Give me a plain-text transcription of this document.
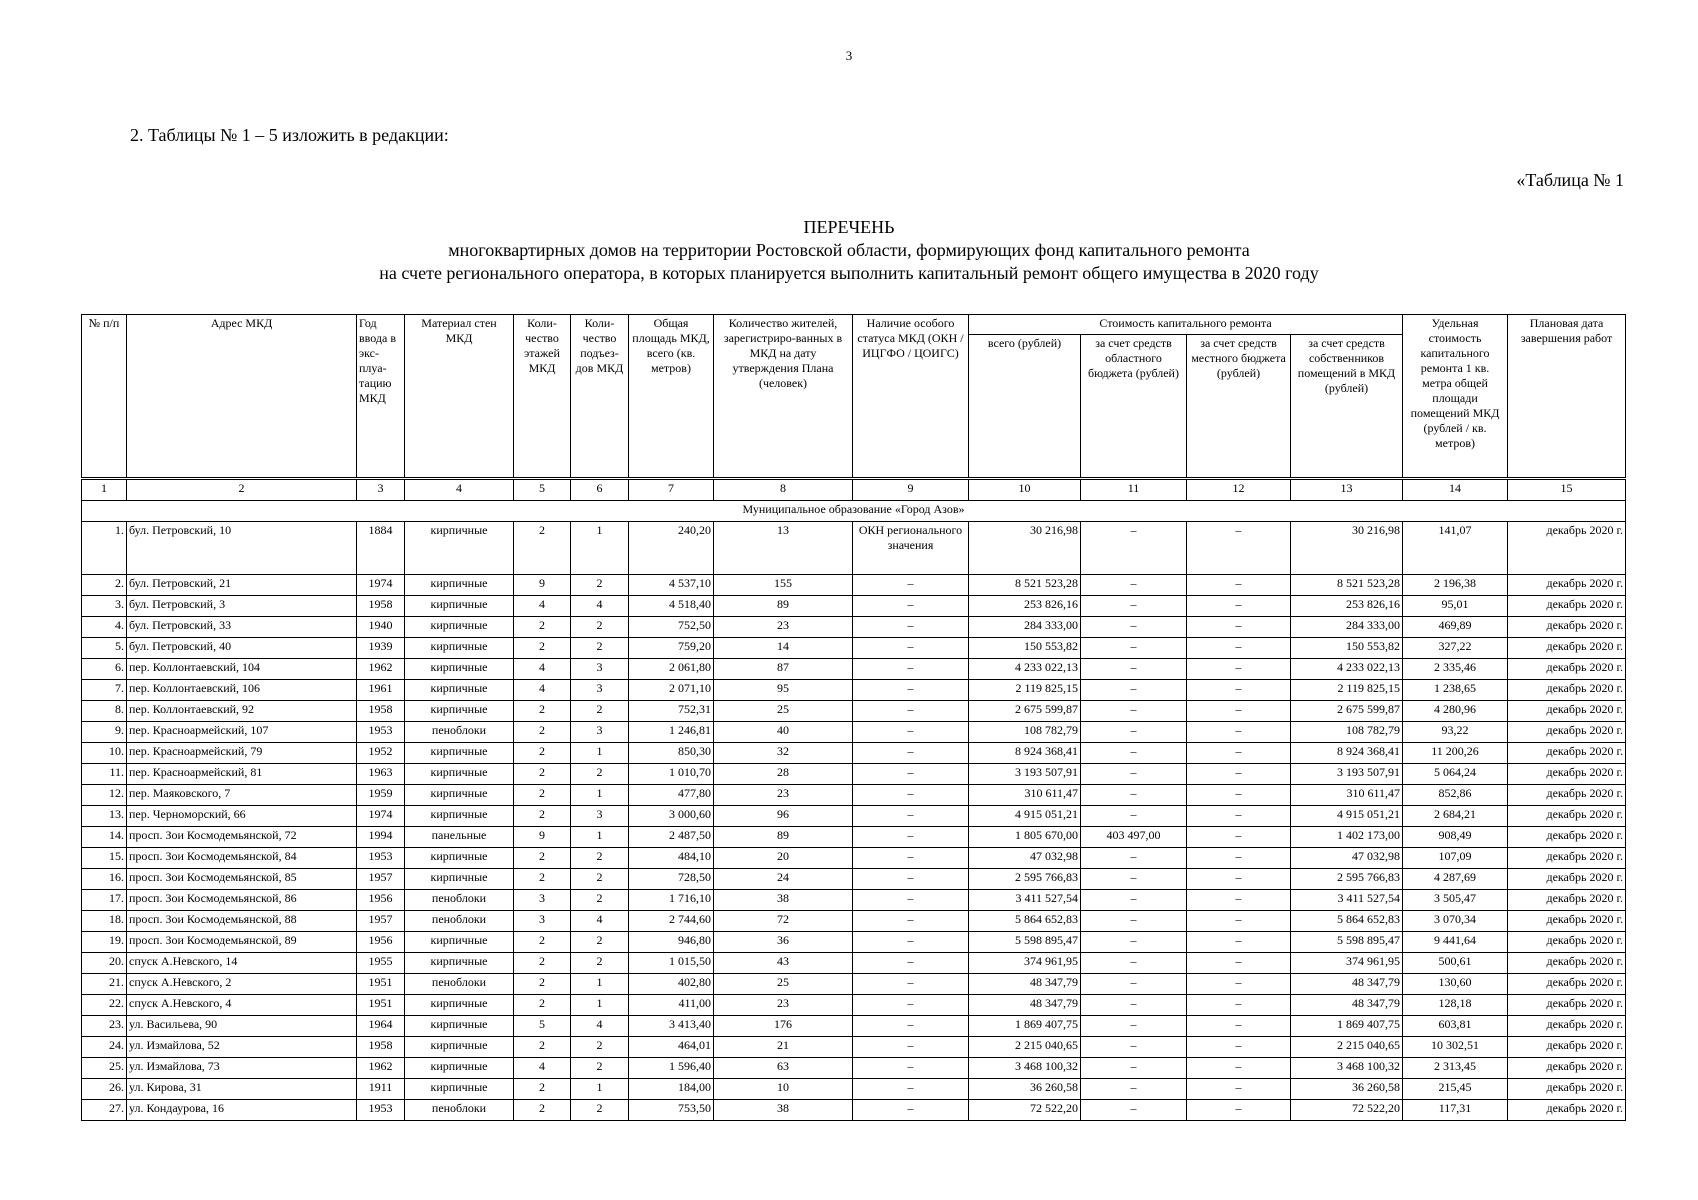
3
2. Таблицы № 1 – 5 изложить в редакции:
«Таблица № 1
ПЕРЕЧЕНЬ
многоквартирных домов на территории Ростовской области, формирующих фонд капитального ремонта
на счете регионального оператора, в которых планируется выполнить капитальный ремонт общего имущества в 2020 году
№ п/п	Адрес МКД	Год ввода в экс-плуа-тацию МКД	Материал стен МКД	Коли-чество этажей МКД	Коли-чество подъез-дов МКД	Общая площадь МКД, всего (кв. метров)	Количество жителей, зарегистриро-ванных в МКД на дату утверждения Плана (человек)	Наличие особого статуса МКД (ОКН / ИЦГФО / ЦОИГС)	Стоимость капитального ремонта				Удельная стоимость капитального ремонта 1 кв. метра общей площади помещений МКД (рублей / кв. метров)	Плановая дата завершения работ
									всего (рублей)	за счет средств областного бюджета (рублей)	за счет средств местного бюджета (рублей)	за счет средств собственников помещений в МКД (рублей)		
1	2	3	4	5	6	7	8	9	10	11	12	13	14	15
Муниципальное образование «Город Азов»														
1.	бул. Петровский, 10	1884	кирпичные	2	1	240,20	13	ОКН регионального значения	30 216,98	–	–	30 216,98	141,07	декабрь 2020 г.
2.	бул. Петровский, 21	1974	кирпичные	9	2	4 537,10	155	–	8 521 523,28	–	–	8 521 523,28	2 196,38	декабрь 2020 г.
3.	бул. Петровский, 3	1958	кирпичные	4	4	4 518,40	89	–	253 826,16	–	–	253 826,16	95,01	декабрь 2020 г.
4.	бул. Петровский, 33	1940	кирпичные	2	2	752,50	23	–	284 333,00	–	–	284 333,00	469,89	декабрь 2020 г.
5.	бул. Петровский, 40	1939	кирпичные	2	2	759,20	14	–	150 553,82	–	–	150 553,82	327,22	декабрь 2020 г.
6.	пер. Коллонтаевский, 104	1962	кирпичные	4	3	2 061,80	87	–	4 233 022,13	–	–	4 233 022,13	2 335,46	декабрь 2020 г.
7.	пер. Коллонтаевский, 106	1961	кирпичные	4	3	2 071,10	95	–	2 119 825,15	–	–	2 119 825,15	1 238,65	декабрь 2020 г.
8.	пер. Коллонтаевский, 92	1958	кирпичные	2	2	752,31	25	–	2 675 599,87	–	–	2 675 599,87	4 280,96	декабрь 2020 г.
9.	пер. Красноармейский, 107	1953	пеноблоки	2	3	1 246,81	40	–	108 782,79	–	–	108 782,79	93,22	декабрь 2020 г.
10.	пер. Красноармейский, 79	1952	кирпичные	2	1	850,30	32	–	8 924 368,41	–	–	8 924 368,41	11 200,26	декабрь 2020 г.
11.	пер. Красноармейский, 81	1963	кирпичные	2	2	1 010,70	28	–	3 193 507,91	–	–	3 193 507,91	5 064,24	декабрь 2020 г.
12.	пер. Маяковского, 7	1959	кирпичные	2	1	477,80	23	–	310 611,47	–	–	310 611,47	852,86	декабрь 2020 г.
13.	пер. Черноморский, 66	1974	кирпичные	2	3	3 000,60	96	–	4 915 051,21	–	–	4 915 051,21	2 684,21	декабрь 2020 г.
14.	просп. Зои Космодемьянской, 72	1994	панельные	9	1	2 487,50	89	–	1 805 670,00	403 497,00	–	1 402 173,00	908,49	декабрь 2020 г.
15.	просп. Зои Космодемьянской, 84	1953	кирпичные	2	2	484,10	20	–	47 032,98	–	–	47 032,98	107,09	декабрь 2020 г.
16.	просп. Зои Космодемьянской, 85	1957	кирпичные	2	2	728,50	24	–	2 595 766,83	–	–	2 595 766,83	4 287,69	декабрь 2020 г.
17.	просп. Зои Космодемьянской, 86	1956	пеноблоки	3	2	1 716,10	38	–	3 411 527,54	–	–	3 411 527,54	3 505,47	декабрь 2020 г.
18.	просп. Зои Космодемьянской, 88	1957	пеноблоки	3	4	2 744,60	72	–	5 864 652,83	–	–	5 864 652,83	3 070,34	декабрь 2020 г.
19.	просп. Зои Космодемьянской, 89	1956	кирпичные	2	2	946,80	36	–	5 598 895,47	–	–	5 598 895,47	9 441,64	декабрь 2020 г.
20.	спуск А.Невского, 14	1955	кирпичные	2	2	1 015,50	43	–	374 961,95	–	–	374 961,95	500,61	декабрь 2020 г.
21.	спуск А.Невского, 2	1951	пеноблоки	2	1	402,80	25	–	48 347,79	–	–	48 347,79	130,60	декабрь 2020 г.
22.	спуск А.Невского, 4	1951	кирпичные	2	1	411,00	23	–	48 347,79	–	–	48 347,79	128,18	декабрь 2020 г.
23.	ул. Васильева, 90	1964	кирпичные	5	4	3 413,40	176	–	1 869 407,75	–	–	1 869 407,75	603,81	декабрь 2020 г.
24.	ул. Измайлова, 52	1958	кирпичные	2	2	464,01	21	–	2 215 040,65	–	–	2 215 040,65	10 302,51	декабрь 2020 г.
25.	ул. Измайлова, 73	1962	кирпичные	4	2	1 596,40	63	–	3 468 100,32	–	–	3 468 100,32	2 313,45	декабрь 2020 г.
26.	ул. Кирова, 31	1911	кирпичные	2	1	184,00	10	–	36 260,58	–	–	36 260,58	215,45	декабрь 2020 г.
27.	ул. Кондаурова, 16	1953	пеноблоки	2	2	753,50	38	–	72 522,20	–	–	72 522,20	117,31	декабрь 2020 г.
